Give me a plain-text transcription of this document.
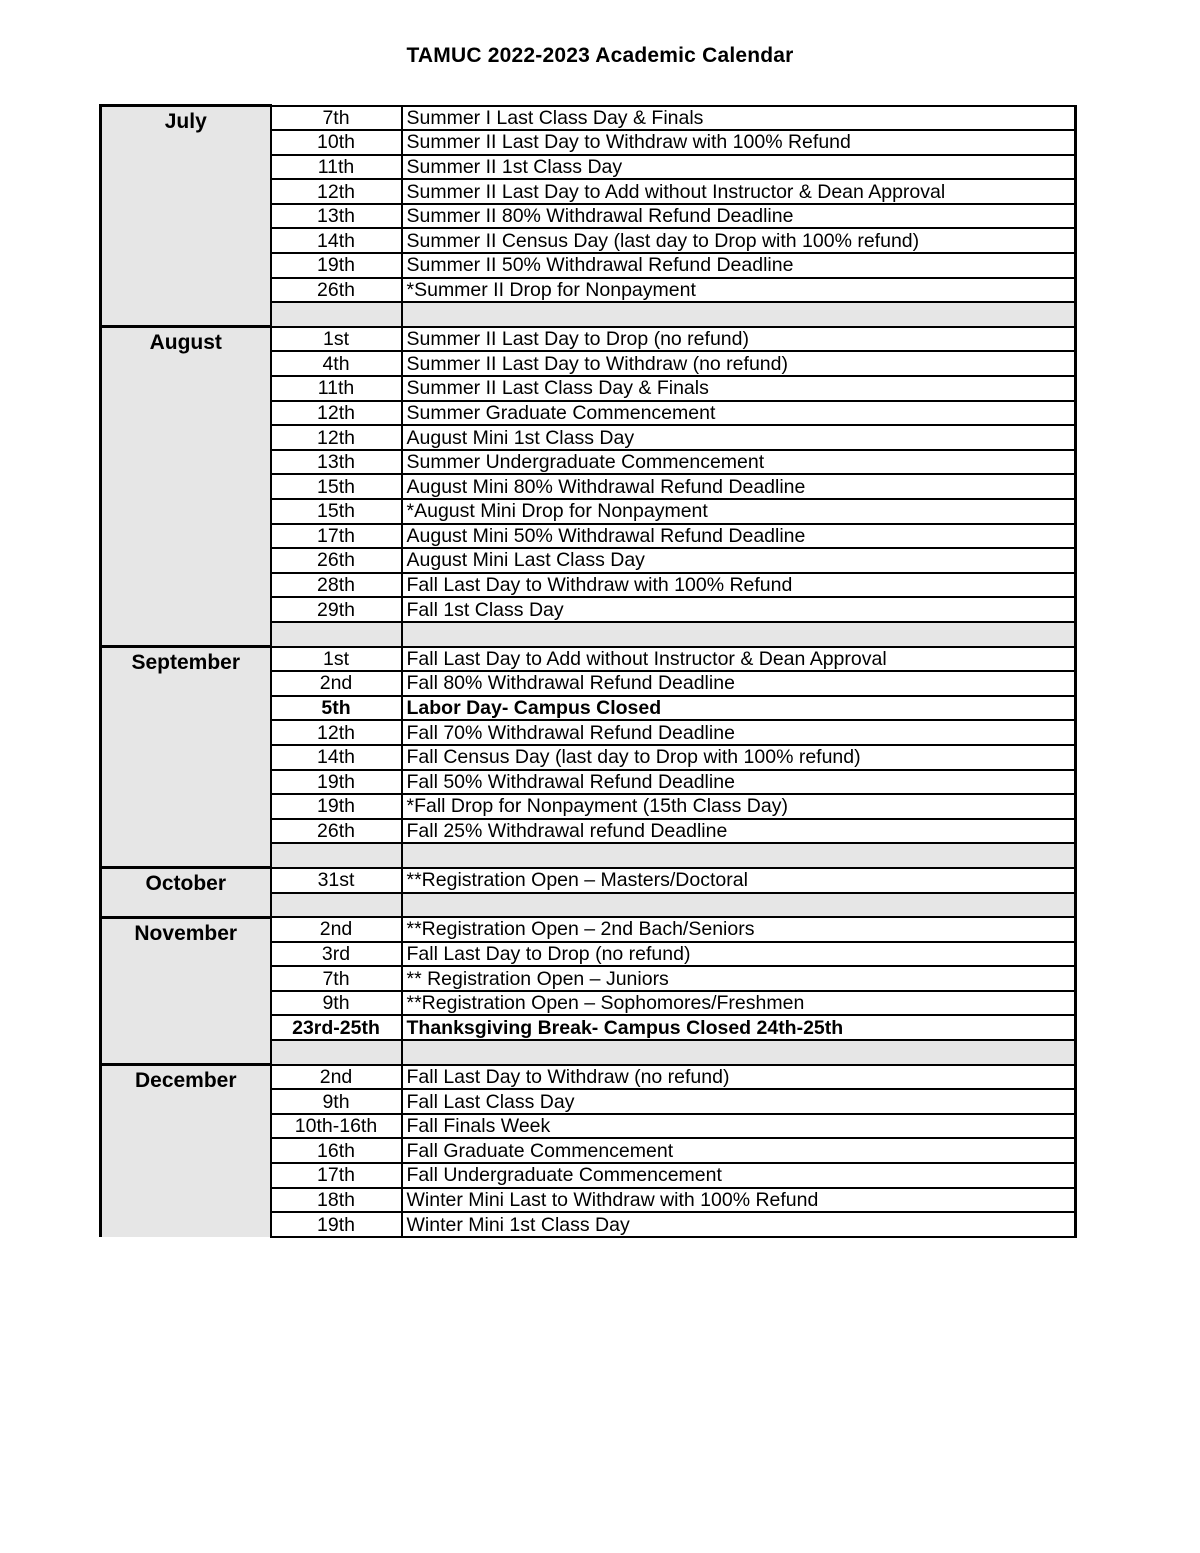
TAMUC 2022-2023 Academic Calendar
July	7th	Summer I Last Class Day & Finals
	10th	Summer II Last Day to Withdraw with 100% Refund
	11th	Summer II 1st Class Day
	12th	Summer II Last Day to Add without Instructor & Dean Approval
	13th	Summer II 80% Withdrawal Refund Deadline
	14th	Summer II Census Day (last day to Drop with 100% refund)
	19th	Summer II 50% Withdrawal Refund Deadline
	26th	*Summer II Drop for Nonpayment

August	1st	Summer II Last Day to Drop (no refund)
	4th	Summer II Last Day to Withdraw (no refund)
	11th	Summer II Last Class Day & Finals
	12th	Summer Graduate Commencement
	12th	August Mini 1st Class Day
	13th	Summer Undergraduate Commencement
	15th	August Mini 80% Withdrawal Refund Deadline
	15th	*August Mini Drop for Nonpayment
	17th	August Mini 50% Withdrawal Refund Deadline
	26th	August Mini Last Class Day
	28th	Fall Last Day to Withdraw with 100% Refund
	29th	Fall 1st Class Day

September	1st	Fall Last Day to Add without Instructor & Dean Approval
	2nd	Fall 80% Withdrawal Refund Deadline
	5th	Labor Day- Campus Closed
	12th	Fall 70% Withdrawal Refund Deadline
	14th	Fall Census Day (last day to Drop with 100% refund)
	19th	Fall 50% Withdrawal Refund Deadline
	19th	*Fall Drop for Nonpayment (15th Class Day)
	26th	Fall 25% Withdrawal refund Deadline

October	31st	**Registration Open – Masters/Doctoral

November	2nd	**Registration Open – 2nd Bach/Seniors
	3rd	Fall Last Day to Drop (no refund)
	7th	** Registration Open – Juniors
	9th	**Registration Open – Sophomores/Freshmen
	23rd-25th	Thanksgiving Break- Campus Closed 24th-25th

December	2nd	Fall Last Day to Withdraw (no refund)
	9th	Fall Last Class Day
	10th-16th	Fall Finals Week
	16th	Fall Graduate Commencement
	17th	Fall Undergraduate Commencement
	18th	Winter Mini Last to Withdraw with 100% Refund
	19th	Winter Mini 1st Class Day
